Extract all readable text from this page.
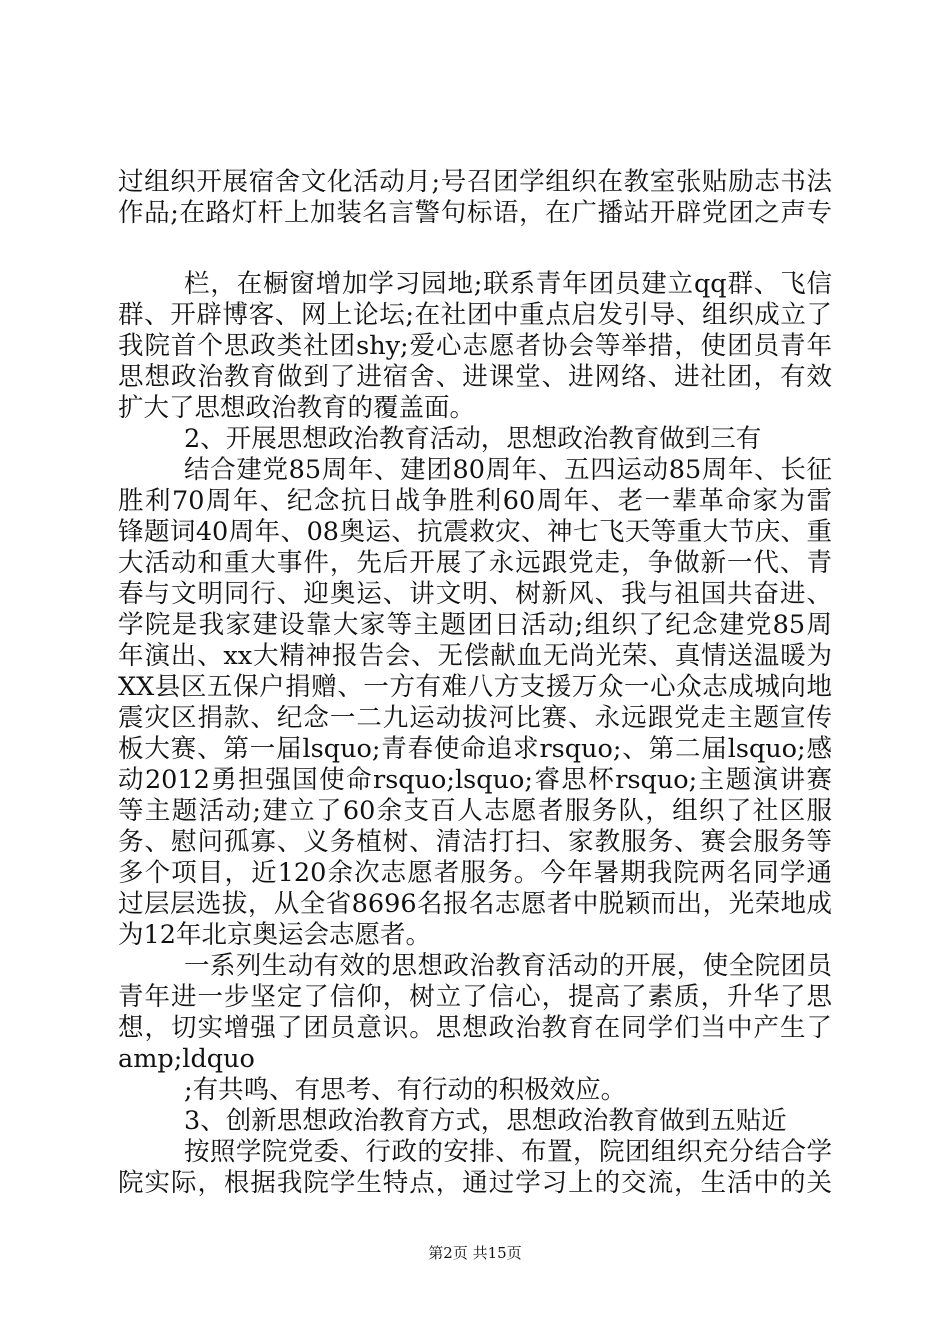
过组织开展宿舍文化活动月;号召团学组织在教室张贴励志书法
作品;在路灯杆上加装名言警句标语，在广播站开辟党团之声专
栏，在橱窗增加学习园地;联系青年团员建立qq群、飞信
群、开辟博客、网上论坛;在社团中重点启发引导、组织成立了
我院首个思政类社团shy;爱心志愿者协会等举措，使团员青年
思想政治教育做到了进宿舍、进课堂、进网络、进社团，有效
扩大了思想政治教育的覆盖面。
2、开展思想政治教育活动，思想政治教育做到三有
结合建党85周年、建团80周年、五四运动85周年、长征
胜利70周年、纪念抗日战争胜利60周年、老一辈革命家为雷
锋题词40周年、08奥运、抗震救灾、神七飞天等重大节庆、重
大活动和重大事件，先后开展了永远跟党走，争做新一代、青
春与文明同行、迎奥运、讲文明、树新风、我与祖国共奋进、
学院是我家建设靠大家等主题团日活动;组织了纪念建党85周
年演出、xx大精神报告会、无偿献血无尚光荣、真情送温暖为
XX县区五保户捐赠、一方有难八方支援万众一心众志成城向地
震灾区捐款、纪念一二九运动拔河比赛、永远跟党走主题宣传
板大赛、第一届lsquo;青春使命追求rsquo;、第二届lsquo;感
动2012勇担强国使命rsquo;lsquo;睿思杯rsquo;主题演讲赛
等主题活动;建立了60余支百人志愿者服务队，组织了社区服
务、慰问孤寡、义务植树、清洁打扫、家教服务、赛会服务等
多个项目，近120余次志愿者服务。今年暑期我院两名同学通
过层层选拔，从全省8696名报名志愿者中脱颖而出，光荣地成
为12年北京奥运会志愿者。
一系列生动有效的思想政治教育活动的开展，使全院团员
青年进一步坚定了信仰，树立了信心，提高了素质，升华了思
想，切实增强了团员意识。思想政治教育在同学们当中产生了
amp;ldquo
;有共鸣、有思考、有行动的积极效应。
3、创新思想政治教育方式，思想政治教育做到五贴近
按照学院党委、行政的安排、布置，院团组织充分结合学
院实际，根据我院学生特点，通过学习上的交流，生活中的关
第2页 共15页
